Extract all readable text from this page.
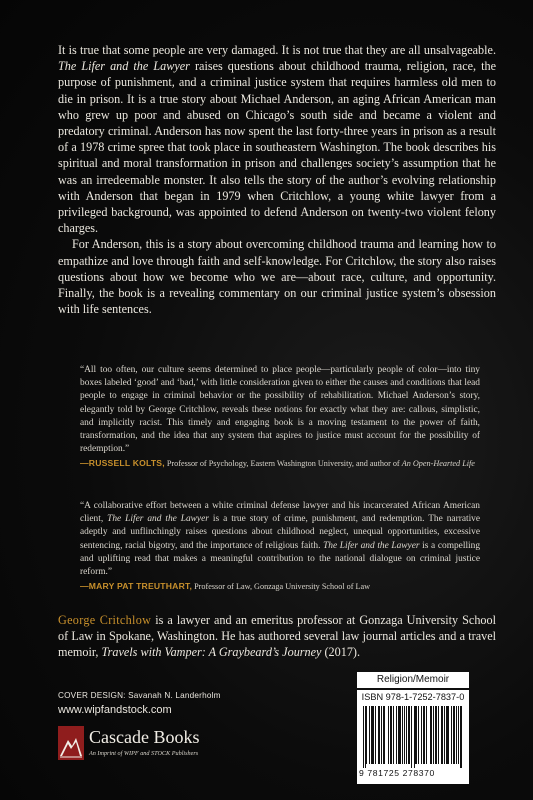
It is true that some people are very damaged. It is not true that they are all unsalvageable. The Lifer and the Lawyer raises questions about childhood trauma, religion, race, the purpose of punishment, and a criminal justice system that requires harmless old men to die in prison. It is a true story about Michael Anderson, an aging African American man who grew up poor and abused on Chicago’s south side and became a violent and predatory criminal. Anderson has now spent the last forty-three years in prison as a result of a 1978 crime spree that took place in southeastern Washington. The book describes his spiritual and moral transformation in prison and challenges society’s assumption that he was an irredeemable monster. It also tells the story of the author’s evolving relationship with Anderson that began in 1979 when Critchlow, a young white lawyer from a privileged background, was appointed to defend Anderson on twenty-two violent felony charges.

For Anderson, this is a story about overcoming childhood trauma and learning how to empathize and love through faith and self-knowledge. For Critchlow, the story also raises questions about how we become who we are—about race, culture, and opportunity. Finally, the book is a revealing commentary on our criminal justice system’s obsession with life sentences.

“All too often, our culture seems determined to place people—particularly people of color—into tiny boxes labeled ‘good’ and ‘bad,’ with little consideration given to either the causes and conditions that lead people to engage in criminal behavior or the possibility of rehabilitation. Michael Anderson’s story, elegantly told by George Critchlow, reveals these notions for exactly what they are: callous, simplistic, and implicitly racist. This timely and engaging book is a moving testament to the power of faith, transformation, and the idea that any system that aspires to justice must account for the possibility of redemption.”

—RUSSELL KOLTS, Professor of Psychology, Eastern Washington University, and author of An Open-Hearted Life

“A collaborative effort between a white criminal defense lawyer and his incarcerated African American client, The Lifer and the Lawyer is a true story of crime, punishment, and redemption. The narrative adeptly and unflinchingly raises questions about childhood neglect, unequal opportunities, excessive sentencing, racial bigotry, and the importance of religious faith. The Lifer and the Lawyer is a compelling and uplifting read that makes a meaningful contribution to the national dialogue on criminal justice reform.”

—MARY PAT TREUTHART, Professor of Law, Gonzaga University School of Law
George Critchlow is a lawyer and an emeritus professor at Gonzaga University School of Law in Spokane, Washington. He has authored several law journal articles and a travel memoir, Travels with Vamper: A Graybeard’s Journey (2017).
COVER DESIGN: Savanah N. Landerholm
www.wipfandstock.com
Cascade Books
An Imprint of WIPF and STOCK Publishers
Religion/Memoir
ISBN 978-1-7252-7837-0
9 781725 278370
